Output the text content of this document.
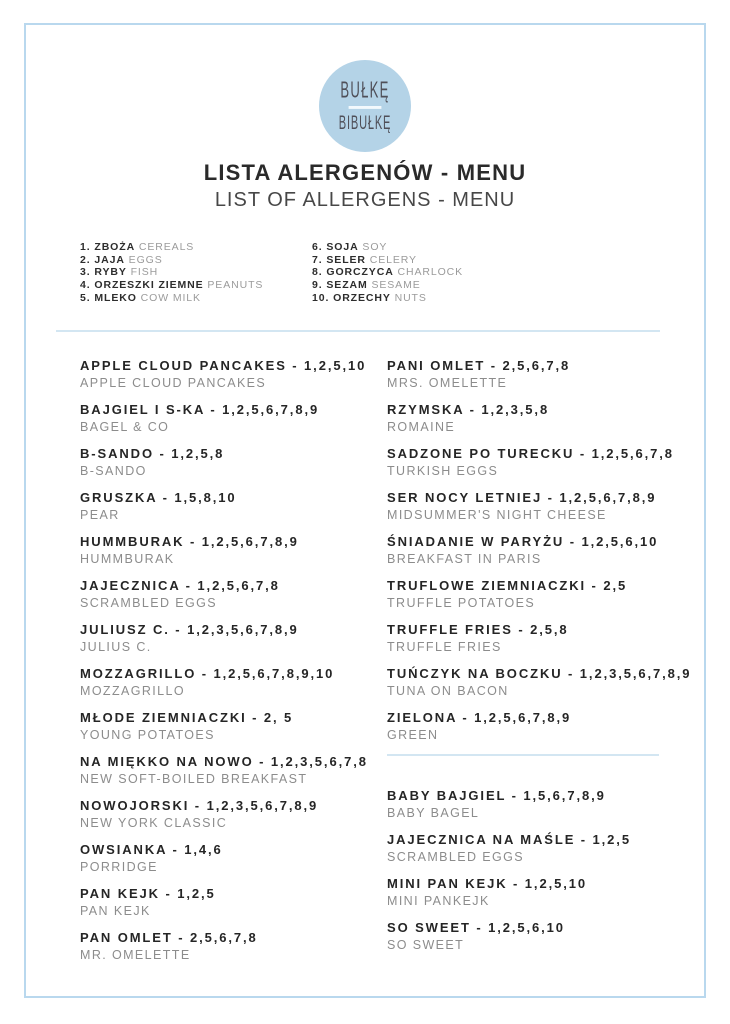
BUŁKĘ
BIBUŁKĘ
LISTA ALERGENÓW - MENU
LIST OF ALLERGENS - MENU
1. ZBOŻA CEREALS
2. JAJA EGGS
3. RYBY FISH
4. ORZESZKI ZIEMNE PEANUTS
5. MLEKO COW MILK
6. SOJA SOY
7. SELER CELERY
8. GORCZYCA CHARLOCK
9. SEZAM SESAME
10. ORZECHY NUTS
APPLE CLOUD PANCAKES - 1,2,5,10
APPLE CLOUD PANCAKES
BAJGIEL I S-KA - 1,2,5,6,7,8,9
BAGEL & CO
B-SANDO - 1,2,5,8
B-SANDO
GRUSZKA - 1,5,8,10
PEAR
HUMMBURAK - 1,2,5,6,7,8,9
HUMMBURAK
JAJECZNICA - 1,2,5,6,7,8
SCRAMBLED EGGS
JULIUSZ C. - 1,2,3,5,6,7,8,9
JULIUS C.
MOZZAGRILLO - 1,2,5,6,7,8,9,10
MOZZAGRILLO
MŁODE ZIEMNIACZKI - 2, 5
YOUNG POTATOES
NA MIĘKKO NA NOWO - 1,2,3,5,6,7,8
NEW SOFT-BOILED BREAKFAST
NOWOJORSKI - 1,2,3,5,6,7,8,9
NEW YORK CLASSIC
OWSIANKA - 1,4,6
PORRIDGE
PAN KEJK - 1,2,5
PAN KEJK
PAN OMLET - 2,5,6,7,8
MR. OMELETTE
PANI OMLET - 2,5,6,7,8
MRS. OMELETTE
RZYMSKA - 1,2,3,5,8
ROMAINE
SADZONE PO TURECKU - 1,2,5,6,7,8
TURKISH EGGS
SER NOCY LETNIEJ - 1,2,5,6,7,8,9
MIDSUMMER'S NIGHT CHEESE
ŚNIADANIE W PARYŻU - 1,2,5,6,10
BREAKFAST IN PARIS
TRUFLOWE ZIEMNIACZKI - 2,5
TRUFFLE POTATOES
TRUFFLE FRIES - 2,5,8
TRUFFLE FRIES
TUŃCZYK NA BOCZKU - 1,2,3,5,6,7,8,9
TUNA ON BACON
ZIELONA - 1,2,5,6,7,8,9
GREEN
BABY BAJGIEL - 1,5,6,7,8,9
BABY BAGEL
JAJECZNICA NA MAŚLE - 1,2,5
SCRAMBLED EGGS
MINI PAN KEJK - 1,2,5,10
MINI PANKEJK
SO SWEET - 1,2,5,6,10
SO SWEET
